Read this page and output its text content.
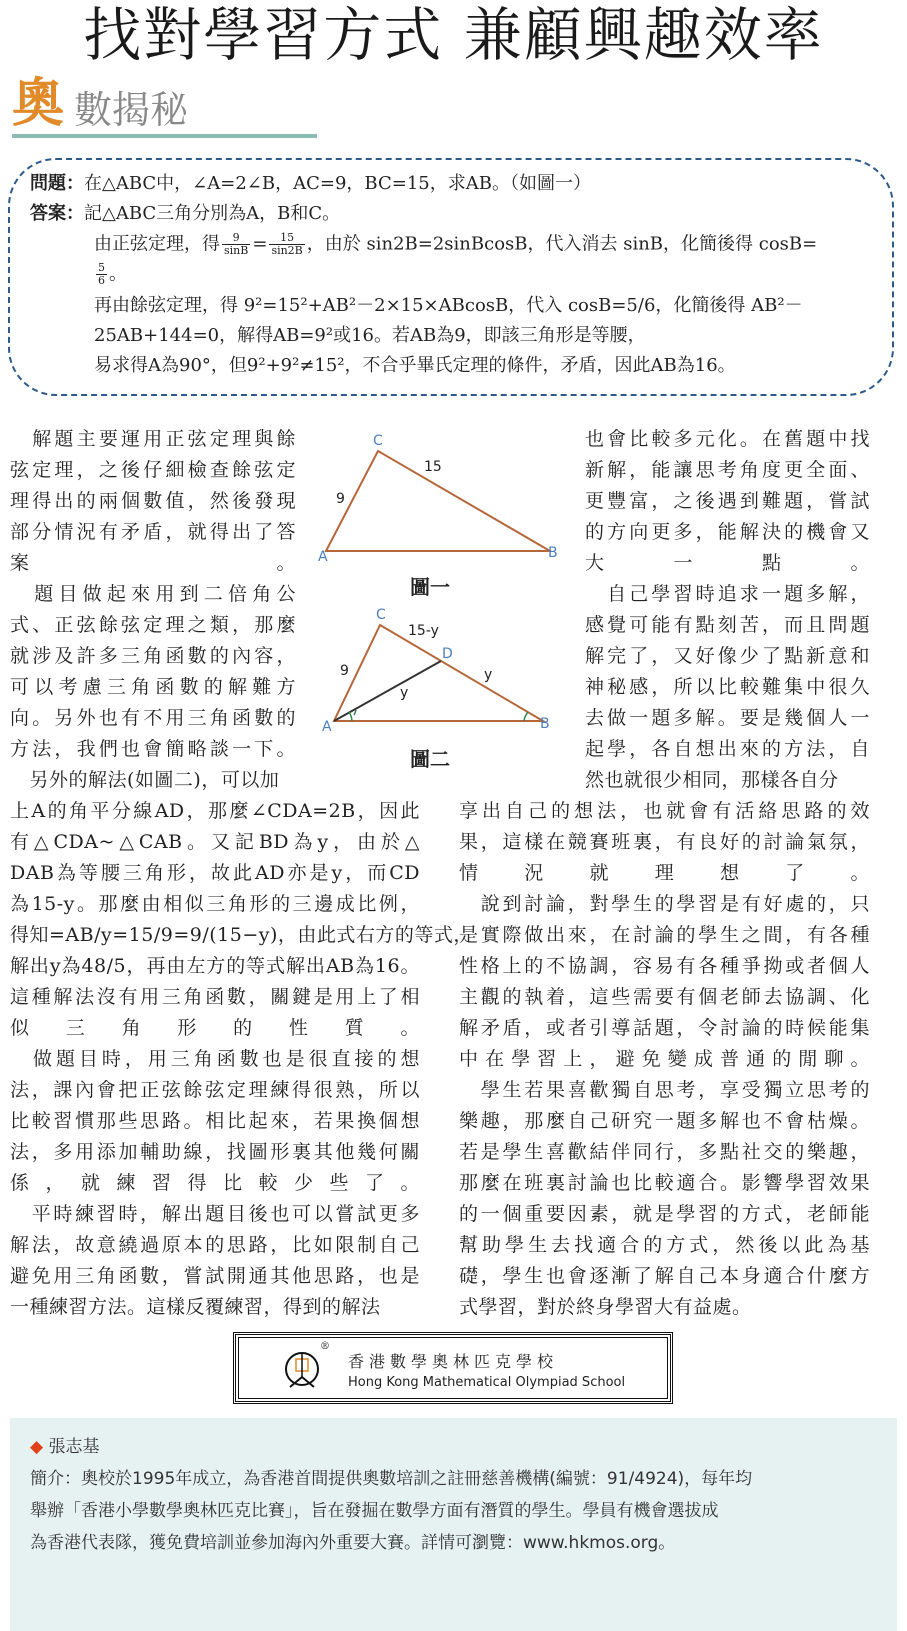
找對學習方式 兼顧興趣效率
奧 數揭秘
問題：在△ABC中，∠A=2∠B，AC=9，BC=15，求AB。（如圖一）
答案：記△ABC三角分別為A，B和C。
由正弦定理，得 $\frac{9}{\sin B} = \frac{15}{\sin 2B}$ ，由於 sin2B=2sinBcosB，代入消去 sinB，化簡後得 cosB=
$\frac{5}{6}$ 。
再由餘弦定理，得 9²=15²+AB²－2×15×ABcosB，代入 cosB=5/6，化簡後得 AB²－
25AB+144=0，解得AB=9²或16。若AB為9，即該三角形是等腰，
易求得A為90°，但9²+9²≠15²，不合乎畢氏定理的條件，矛盾，因此AB為16。
　解題主要運用正弦定理與餘
弦定理，之後仔細檢查餘弦定
理得出的兩個數值，然後發現
部分情況有矛盾，就得出了答
案。
　題目做起來用到二倍角公
式、正弦餘弦定理之類，那麼
就涉及許多三角函數的內容，
可以考慮三角函數的解難方
向。另外也有不用三角函數的
方法，我們也會簡略談一下。
　另外的解法(如圖二)，可以加
上A的角平分線AD，那麼∠CDA=2B，因此
有△CDA~△CAB。又記BD為y，由於△
DAB為等腰三角形，故此AD亦是y，而CD
為15-y。那麼由相似三角形的三邊成比例，
得知=AB/y=15/9=9/(15−y)，由此式右方的等式，
解出y為48/5，再由左方的等式解出AB為16。
這種解法沒有用三角函數，關鍵是用上了相
似三角形的性質。
　做題目時，用三角函數也是很直接的想
法，課內會把正弦餘弦定理練得很熟，所以
比較習慣那些思路。相比起來，若果換個想
法，多用添加輔助線，找圖形裏其他幾何關
係，就練習得比較少些了。
　平時練習時，解出題目後也可以嘗試更多
解法，故意繞過原本的思路，比如限制自己
避免用三角函數，嘗試開通其他思路，也是
一種練習方法。這樣反覆練習，得到的解法
也會比較多元化。在舊題中找
新解，能讓思考角度更全面、
更豐富，之後遇到難題，嘗試
的方向更多，能解決的機會又
大一點。
　自己學習時追求一題多解，
感覺可能有點刻苦，而且問題
解完了，又好像少了點新意和
神秘感，所以比較難集中很久
去做一題多解。要是幾個人一
起學，各自想出來的方法，自
然也就很少相同，那樣各自分
享出自己的想法，也就會有活絡思路的效
果，這樣在競賽班裏，有良好的討論氣氛，
情況就理想了。
　說到討論，對學生的學習是有好處的，只
是實際做出來，在討論的學生之間，有各種
性格上的不協調，容易有各種爭拗或者個人
主觀的執着，這些需要有個老師去協調、化
解矛盾，或者引導話題，令討論的時候能集
中在學習上，避免變成普通的閒聊。
　學生若果喜歡獨自思考，享受獨立思考的
樂趣，那麼自己研究一題多解也不會枯燥。
若是學生喜歡結伴同行，多點社交的樂趣，
那麼在班裏討論也比較適合。影響學習效果
的一個重要因素，就是學習的方式，老師能
幫助學生去找適合的方式，然後以此為基
礎，學生也會逐漸了解自己本身適合什麼方
式學習，對於終身學習大有益處。
C
A	B
9
15
C
A	B
D
9
15-y
y
y
圖一
圖二
®
香港數學奧林匹克學校
Hong Kong Mathematical Olympiad School
◆ 張志基
簡介：奧校於1995年成立，為香港首間提供奧數培訓之註冊慈善機構(編號：91/4924)，每年均
舉辦「香港小學數學奧林匹克比賽」，旨在發掘在數學方面有潛質的學生。學員有機會選拔成
為香港代表隊，獲免費培訓並參加海內外重要大賽。詳情可瀏覽：www.hkmos.org。
